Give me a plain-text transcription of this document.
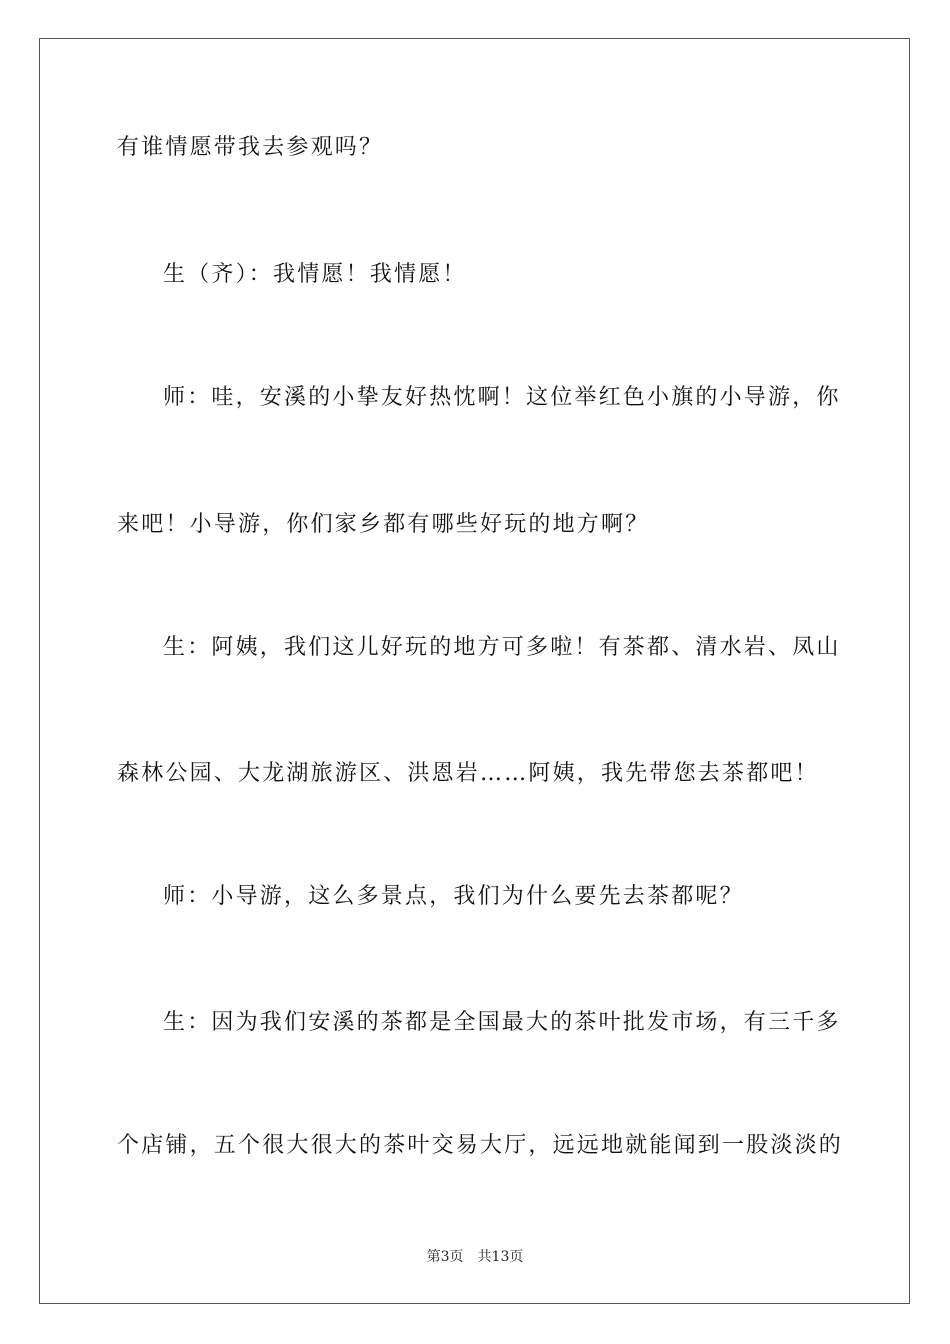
有谁情愿带我去参观吗？
生（齐）：我情愿！我情愿！
师：哇，安溪的小挚友好热忱啊！这位举红色小旗的小导游，你
来吧！小导游，你们家乡都有哪些好玩的地方啊？
生：阿姨，我们这儿好玩的地方可多啦！有茶都、清水岩、凤山
森林公园、大龙湖旅游区、洪恩岩……阿姨，我先带您去茶都吧！
师：小导游，这么多景点，我们为什么要先去茶都呢？
生：因为我们安溪的茶都是全国最大的茶叶批发市场，有三千多
个店铺，五个很大很大的茶叶交易大厅，远远地就能闻到一股淡淡的
第3页 共13页
